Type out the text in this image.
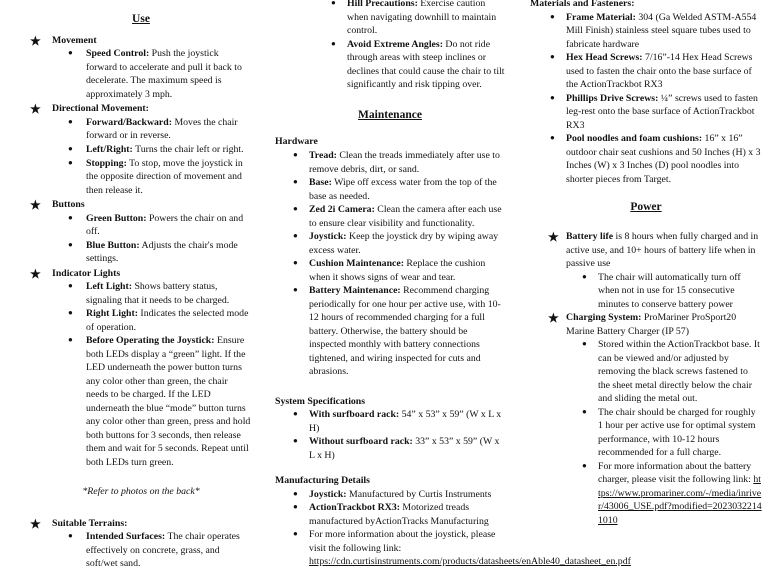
Use
★ Movement
● Speed Control: Push the joystick forward to accelerate and pull it back to decelerate. The maximum speed is approximately 3 mph.
★ Directional Movement:
● Forward/Backward: Moves the chair forward or in reverse.
● Left/Right: Turns the chair left or right.
● Stopping: To stop, move the joystick in the opposite direction of movement and then release it.
★ Buttons
● Green Button: Powers the chair on and off.
● Blue Button: Adjusts the chair's mode settings.
★ Indicator Lights
● Left Light: Shows battery status, signaling that it needs to be charged.
● Right Light: Indicates the selected mode of operation.
● Before Operating the Joystick: Ensure both LEDs display a “green” light. If the LED underneath the power button turns any color other than green, the chair needs to be charged. If the LED underneath the blue “mode” button turns any color other than green, press and hold both buttons for 3 seconds, then release them and wait for 5 seconds. Repeat until both LEDs turn green.
*Refer to photos on the back*
★ Suitable Terrains:
● Intended Surfaces: The chair operates effectively on concrete, grass, and soft/wet sand.
● Hill Precautions: Exercise caution when navigating downhill to maintain control.
● Avoid Extreme Angles: Do not ride through areas with steep inclines or declines that could cause the chair to tilt significantly and risk tipping over.
Maintenance
Hardware
● Tread: Clean the treads immediately after use to remove debris, dirt, or sand.
● Base: Wipe off excess water from the top of the base as needed.
● Zed 2i Camera: Clean the camera after each use to ensure clear visibility and functionality.
● Joystick: Keep the joystick dry by wiping away excess water.
● Cushion Maintenance: Replace the cushion when it shows signs of wear and tear.
● Battery Maintenance: Recommend charging periodically for one hour per active use, with 10-12 hours of recommended charging for a full battery. Otherwise, the battery should be inspected monthly with battery connections tightened, and wiring inspected for cuts and abrasions.
System Specifications
● With surfboard rack: 54” x 53” x 59” (W x L x H)
● Without surfboard rack: 33” x 53” x 59” (W x L x H)
Manufacturing Details
● Joystick: Manufactured by Curtis Instruments
● ActionTrackbot RX3: Motorized treads manufactured byActionTracks Manufacturing
● For more information about the joystick, please visit the following link: https://cdn.curtisinstruments.com/products/datasheets/enAble40_datasheet_en.pdf
Materials and Fasteners:
● Frame Material: 304 (Ga Welded ASTM-A554 Mill Finish) stainless steel square tubes used to fabricate hardware
● Hex Head Screws: 7/16”-14 Hex Head Screws used to fasten the chair onto the base surface of the ActionTrackbot RX3
● Phillips Drive Screws: ¼” screws used to fasten leg-rest onto the base surface of ActionTrackbot RX3
● Pool noodles and foam cushions: 16” x 16” outdoor chair seat cushions and 50 Inches (H) x 3 Inches (W) x 3 Inches (D) pool noodles into shorter pieces from Target.
Power
★ Battery life is 8 hours when fully charged and in active use, and 10+ hours of battery life when in passive use
● The chair will automatically turn off when not in use for 15 consecutive minutes to conserve battery power
★ Charging System: ProMariner ProSport20 Marine Battery Charger (IP 57)
● Stored within the ActionTrackbot base. It can be viewed and/or adjusted by removing the black screws fastened to the sheet metal directly below the chair and sliding the metal out.
● The chair should be charged for roughly 1 hour per active use for optimal system performance, with 10-12 hours recommended for a full charge.
● For more information about the battery charger, please visit the following link: https://www.promariner.com/-/media/inriver/43006_USE.pdf?modified=20230322141010
